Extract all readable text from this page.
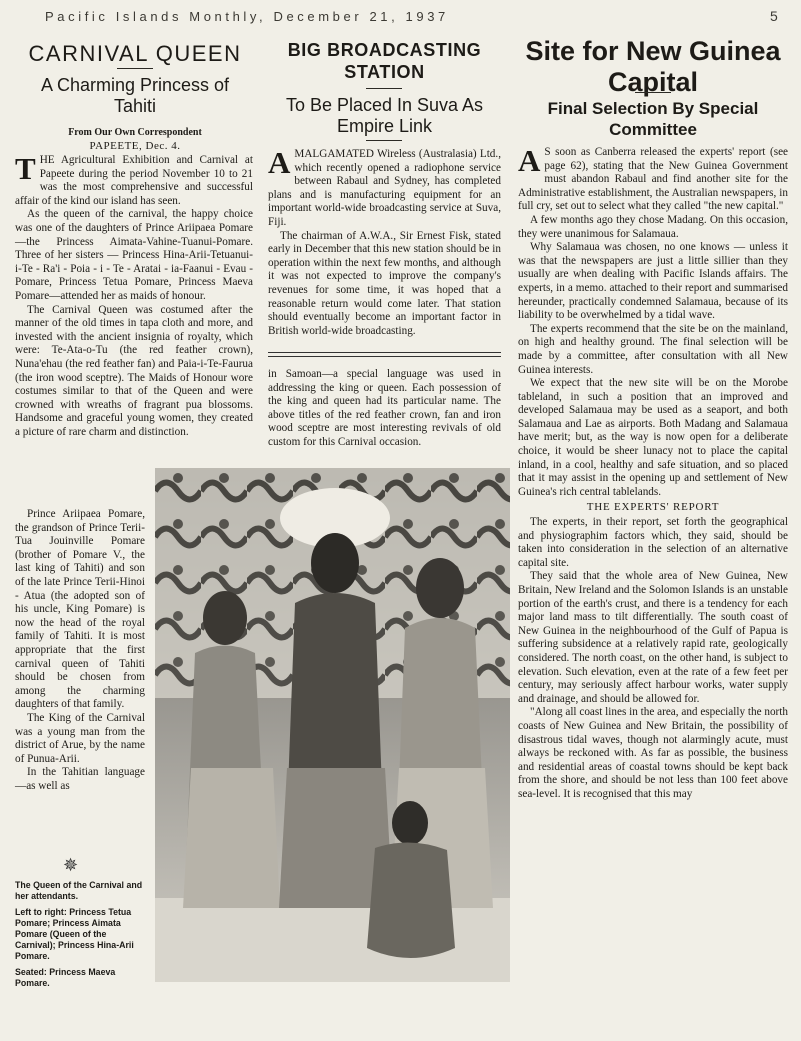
Pacific Islands Monthly, December 21, 1937	5
CARNIVAL QUEEN
A Charming Princess of Tahiti
From Our Own Correspondent
PAPEETE, Dec. 4.

THE Agricultural Exhibition and Carnival at Papeete during the period November 10 to 21 was the most comprehensive and successful affair of the kind our island has seen.

As the queen of the carnival, the happy choice was one of the daughters of Prince Ariipaea Pomare—the Princess Aimata-Vahine-Tuanui-Pomare. Three of her sisters — Princess Hina-Arii-Tetuanui-i-Te - Ra'i - Poia - i - Te - Aratai - ia-Faanui - Evau - Pomare, Princess Tetua Pomare, Princess Maeva Pomare—attended her as maids of honour.

The Carnival Queen was costumed after the manner of the old times in tapa cloth and more, and invested with the ancient insignia of royalty, which were: Te-Ata-o-Tu (the red feather crown), Nuna'ehau (the red feather fan) and Paia-i-Te-Faurua (the iron wood sceptre). The Maids of Honour wore costumes similar to that of the Queen and were crowned with wreaths of fragrant pua blossoms. Handsome and graceful young women, they created a picture of rare charm and distinction.

Prince Ariipaea Pomare, the grandson of Prince Terii-Tua Jouinville Pomare (brother of Pomare V., the last king of Tahiti) and son of the late Prince Terii-Hinoi - Atua (the adopted son of his uncle, King Pomare) is now the head of the royal family of Tahiti. It is most appropriate that the first carnival queen of Tahiti should be chosen from among the charming daughters of that family.

The King of the Carnival was a young man from the district of Arue, by the name of Punua-Arii.

In the Tahitian language—as well as

✵

The Queen of the Carnival and her attendants.

Left to right: Princess Tetua Pomare; Princess Aimata Pomare (Queen of the Carnival); Princess Hina-Arii Pomare.

Seated: Princess Maeva Pomare.

BIG BROADCASTING STATION
To Be Placed In Suva As Empire Link

AMALGAMATED Wireless (Australasia) Ltd., which recently opened a radiophone service between Rabaul and Sydney, has completed plans and is manufacturing equipment for an important world-wide broadcasting service at Suva, Fiji.

The chairman of A.W.A., Sir Ernest Fisk, stated early in December that this new station should be in operation within the next few months, and although it was not expected to improve the company's revenues for some time, it was hoped that a reasonable return would come later. That station should eventually become an important factor in British world-wide broadcasting.

in Samoan—a special language was used in addressing the king or queen. Each possession of the king and queen had its particular name. The above titles of the red feather crown, fan and iron wood sceptre are most interesting revivals of old custom for this Carnival occasion.

Site for New Guinea Capital
Final Selection By Special Committee

A S soon as Canberra released the experts' report (see page 62), stating that the New Guinea Government must abandon Rabaul and find another site for the Administrative establishment, the Australian newspapers, in full cry, set out to select what they called "the new capital."

A few months ago they chose Madang. On this occasion, they were unanimous for Salamaua.

Why Salamaua was chosen, no one knows — unless it was that the newspapers are just a little sillier than they usually are when dealing with Pacific Islands affairs. The experts, in a memo. attached to their report and summarised hereunder, practically condemned Salamaua, because of its liability to be overwhelmed by a tidal wave.

The experts recommend that the site be on the mainland, on high and healthy ground. The final selection will be made by a committee, after consultation with all New Guinea interests.

We expect that the new site will be on the Morobe tableland, in such a position that an improved and developed Salamaua may be used as a seaport, and both Salamaua and Lae as airports. Both Madang and Salamaua have merit; but, as the way is now open for a deliberate choice, it would be sheer lunacy not to place the capital inland, in a cool, healthy and safe situation, and so placed that it may assist in the opening up and settlement of New Guinea's rich central tablelands.

THE EXPERTS' REPORT

The experts, in their report, set forth the geographical and physiographim factors which, they said, should be taken into consideration in the selection of an alternative capital site.

They said that the whole area of New Guinea, New Britain, New Ireland and the Solomon Islands is an unstable portion of the earth's crust, and there is a tendency for each major land mass to tilt differentially. The south coast of New Guinea in the neighbourhood of the Gulf of Papua is suffering subsidence at a relatively rapid rate, geologically considered. The north coast, on the other hand, is subject to elevation. Such elevation, even at the rate of a few feet per century, may seriously affect harbour works, water supply and drainage, and should be allowed for.

"Along all coast lines in the area, and especially the north coasts of New Guinea and New Britain, the possibility of disastrous tidal waves, though not alarmingly acute, must always be reckoned with. As far as possible, the business and residential areas of coastal towns should be kept back from the shore, and should be not less than 100 feet above sea-level. It is recognised that this may
